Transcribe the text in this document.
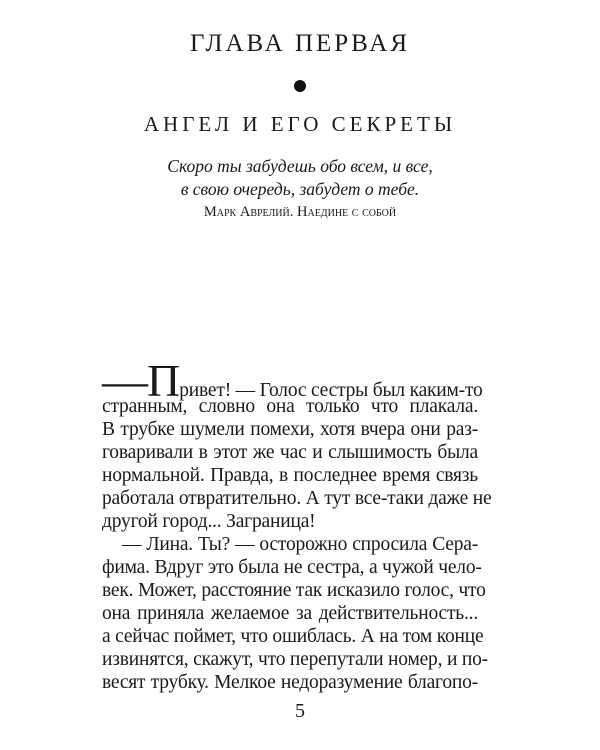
ГЛАВА ПЕРВАЯ
АНГЕЛ И ЕГО СЕКРЕТЫ
Скоро ты забудешь обо всем, и все,
в свою очередь, забудет о тебе.
Марк Аврелий. Наедине с собой
—Привет! — Голос сестры был каким-то
странным, словно она только что плакала.
В трубке шумели помехи, хотя вчера они раз-
говаривали в этот же час и слышимость была
нормальной. Правда, в последнее время связь
работала отвратительно. А тут все-таки даже не
другой город... Заграница!
— Лина. Ты? — осторожно спросила Сера-
фима. Вдруг это была не сестра, а чужой чело-
век. Может, расстояние так исказило голос, что
она приняла желаемое за действительность...
а сейчас поймет, что ошиблась. А на том конце
извинятся, скажут, что перепутали номер, и по-
весят трубку. Мелкое недоразумение благопо-
5
